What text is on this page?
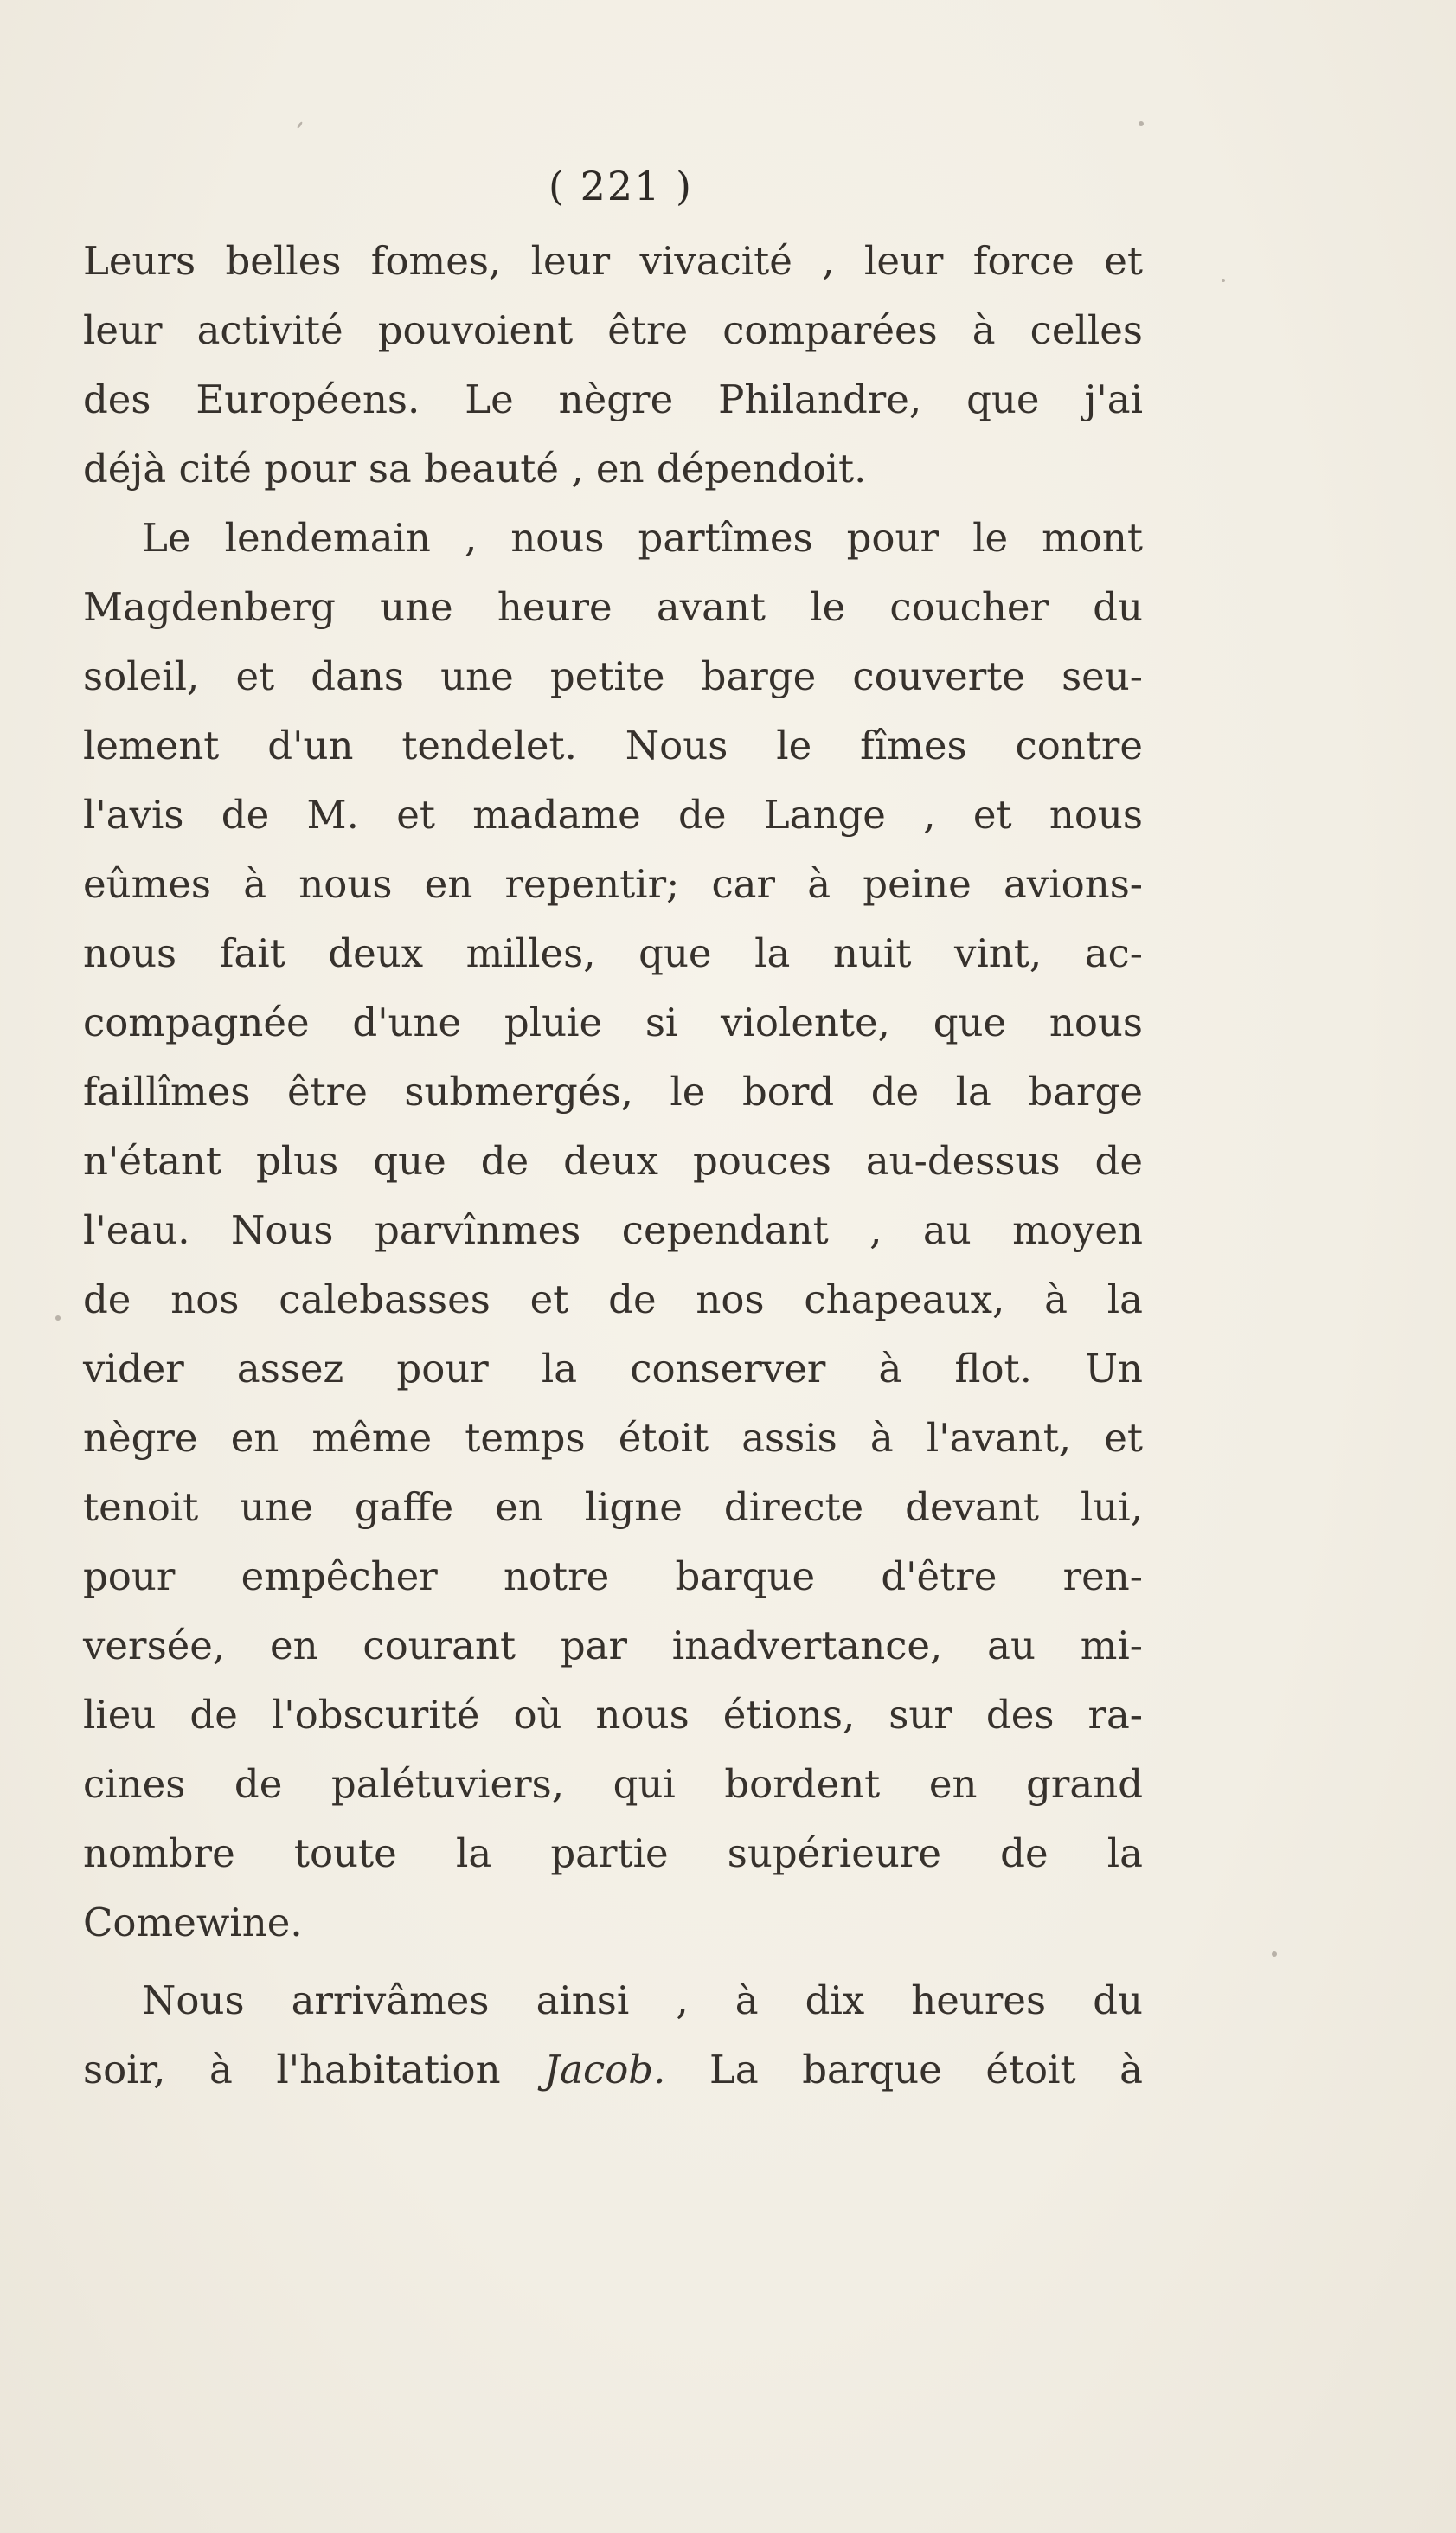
( 221 )
Leurs belles fomes, leur vivacité , leur force et
leur activité pouvoient être comparées à celles
des Européens. Le nègre Philandre, que j'ai
déjà cité pour sa beauté , en dépendoit.
Le lendemain , nous partîmes pour le mont
Magdenberg une heure avant le coucher du
soleil, et dans une petite barge couverte seu-
lement d'un tendelet. Nous le fîmes contre
l'avis de M. et madame de Lange , et nous
eûmes à nous en repentir; car à peine avions-
nous fait deux milles, que la nuit vint, ac-
compagnée d'une pluie si violente, que nous
faillîmes être submergés, le bord de la barge
n'étant plus que de deux pouces au-dessus de
l'eau. Nous parvînmes cependant , au moyen
de nos calebasses et de nos chapeaux, à la
vider assez pour la conserver à flot. Un
nègre en même temps étoit assis à l'avant, et
tenoit une gaffe en ligne directe devant lui,
pour empêcher notre barque d'être ren-
versée, en courant par inadvertance, au mi-
lieu de l'obscurité où nous étions, sur des ra-
cines de palétuviers, qui bordent en grand
nombre toute la partie supérieure de la
Comewine.
Nous arrivâmes ainsi , à dix heures du
soir, à l'habitation Jacob. La barque étoit à
